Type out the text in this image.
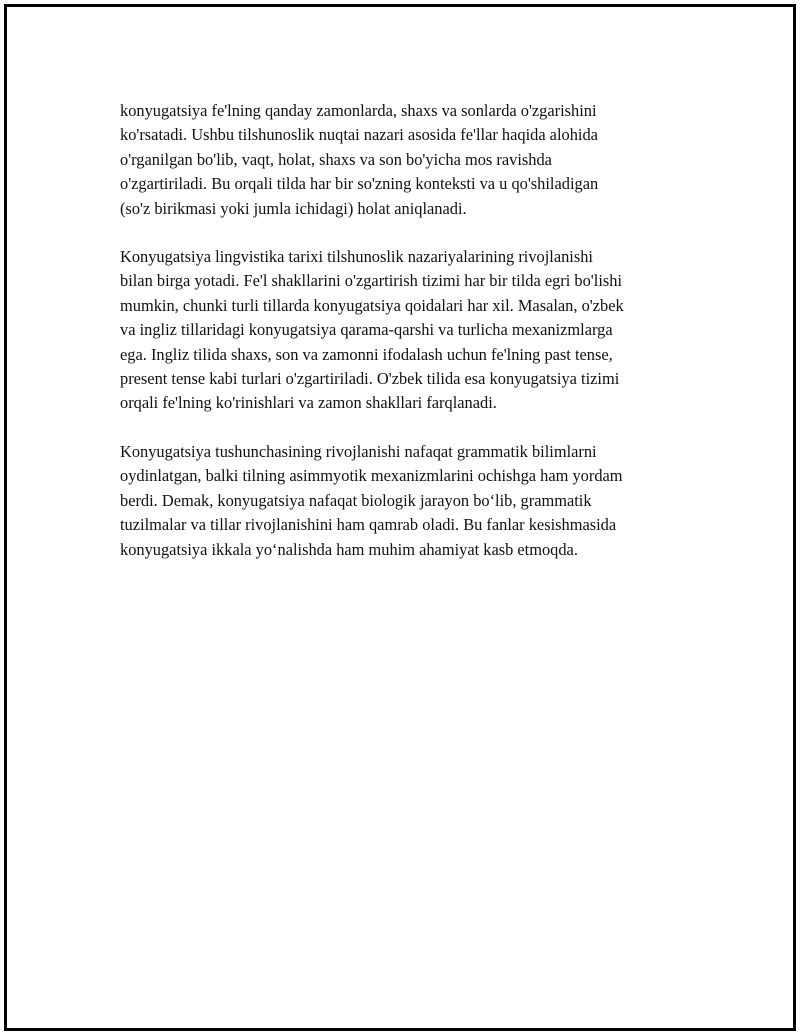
konyugatsiya fe'lning qanday zamonlarda, shaxs va sonlarda o'zgarishini
ko'rsatadi. Ushbu tilshunoslik nuqtai nazari asosida fe'llar haqida alohida
o'rganilgan bo'lib, vaqt, holat, shaxs va son bo'yicha mos ravishda
o'zgartiriladi. Bu orqali tilda har bir so'zning konteksti va u qo'shiladigan
(so'z birikmasi yoki jumla ichidagi) holat aniqlanadi.

Konyugatsiya lingvistika tarixi tilshunoslik nazariyalarining rivojlanishi
bilan birga yotadi. Fe'l shakllarini o'zgartirish tizimi har bir tilda egri bo'lishi
mumkin, chunki turli tillarda konyugatsiya qoidalari har xil. Masalan, o'zbek
va ingliz tillaridagi konyugatsiya qarama-qarshi va turlicha mexanizmlarga
ega. Ingliz tilida shaxs, son va zamonni ifodalash uchun fe'lning past tense,
present tense kabi turlari o'zgartiriladi. O'zbek tilida esa konyugatsiya tizimi
orqali fe'lning ko'rinishlari va zamon shakllari farqlanadi.

Konyugatsiya tushunchasining rivojlanishi nafaqat grammatik bilimlarni
oydinlatgan, balki tilning asimmyotik mexanizmlarini ochishga ham yordam
berdi. Demak, konyugatsiya nafaqat biologik jarayon bo‘lib, grammatik
tuzilmalar va tillar rivojlanishini ham qamrab oladi. Bu fanlar kesishmasida
konyugatsiya ikkala yo‘nalishda ham muhim ahamiyat kasb etmoqda.
